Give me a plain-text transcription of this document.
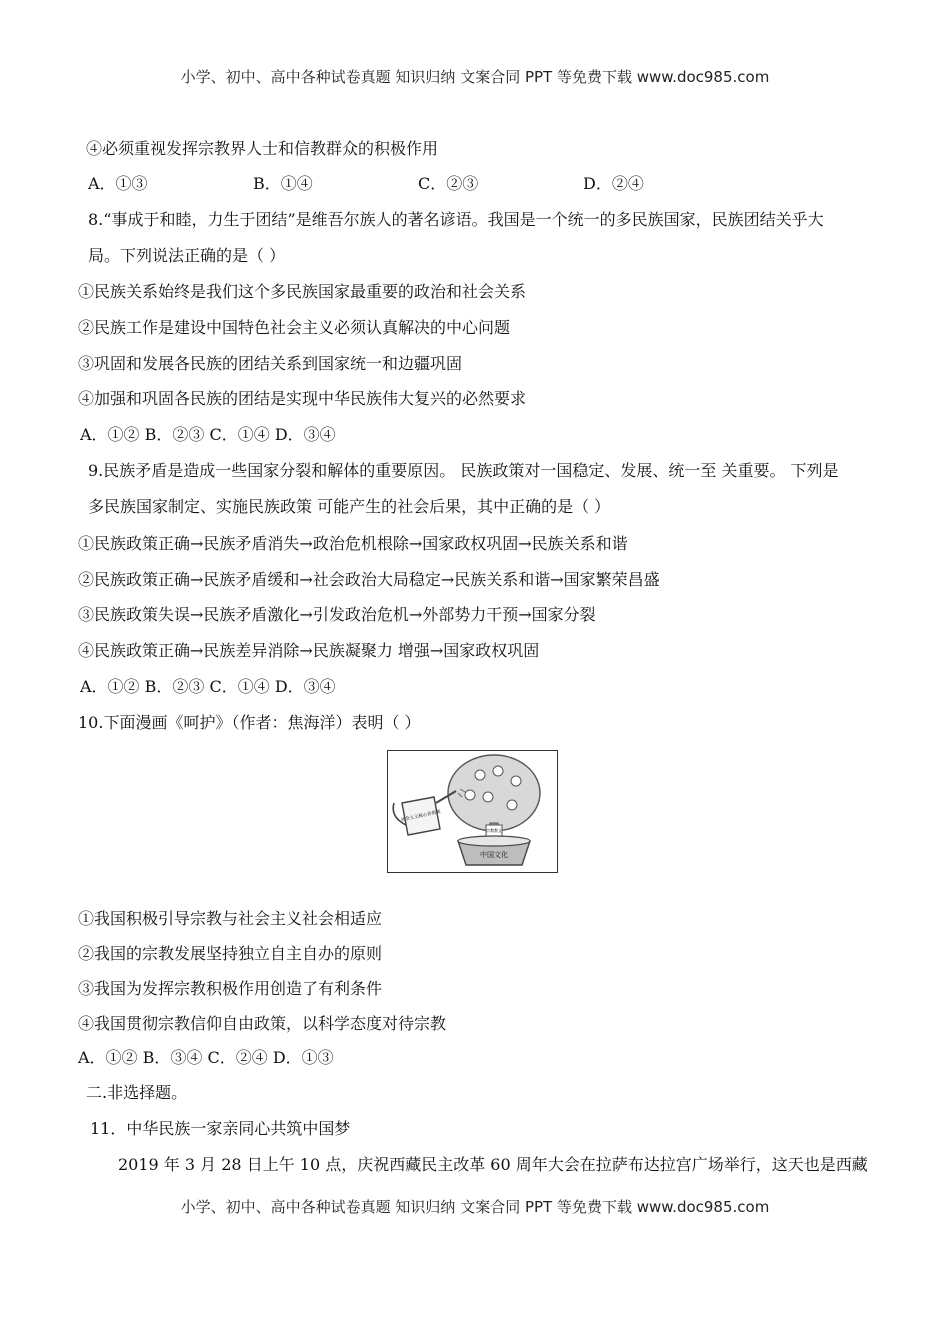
小学、初中、高中各种试卷真题 知识归纳 文案合同 PPT 等免费下载 www.doc985.com
④必须重视发挥宗教界人士和信教群众的积极作用
A．①③	B．①④	C．②③	D．②④
8.“事成于和睦，力生于团结”是维吾尔族人的著名谚语。我国是一个统一的多民族国家，民族团结关乎大
局。下列说法正确的是（ ）
①民族关系始终是我们这个多民族国家最重要的政治和社会关系
②民族工作是建设中国特色社会主义必须认真解决的中心问题
③巩固和发展各民族的团结关系到国家统一和边疆巩固
④加强和巩固各民族的团结是实现中华民族伟大复兴的必然要求
A．①② B．②③ C．①④ D．③④
9.民族矛盾是造成一些国家分裂和解体的重要原因。 民族政策对一国稳定、发展、统一至 关重要。 下列是
多民族国家制定、实施民族政策 可能产生的社会后果，其中正确的是（ ）
①民族政策正确→民族矛盾消失→政治危机根除→国家政权巩固→民族关系和谐
②民族政策正确→民族矛盾缓和→社会政治大局稳定→民族关系和谐→国家繁荣昌盛
③民族政策失误→民族矛盾激化→引发政治危机→外部势力干预→国家分裂
④民族政策正确→民族差异消除→民族凝聚力 增强→国家政权巩固
A．①② B．②③ C．①④ D．③④
10.下面漫画《呵护》（作者：焦海洋）表明（ ）
宗教教义
中国文化
社会主义核心价值观
①我国积极引导宗教与社会主义社会相适应
②我国的宗教发展坚持独立自主自办的原则
③我国为发挥宗教积极作用创造了有利条件
④我国贯彻宗教信仰自由政策，以科学态度对待宗教
A．①② B．③④ C．②④ D．①③
二.非选择题。
11．中华民族一家亲同心共筑中国梦
2019 年 3 月 28 日上午 10 点，庆祝西藏民主改革 60 周年大会在拉萨布达拉宫广场举行，这天也是西藏
小学、初中、高中各种试卷真题 知识归纳 文案合同 PPT 等免费下载 www.doc985.com
